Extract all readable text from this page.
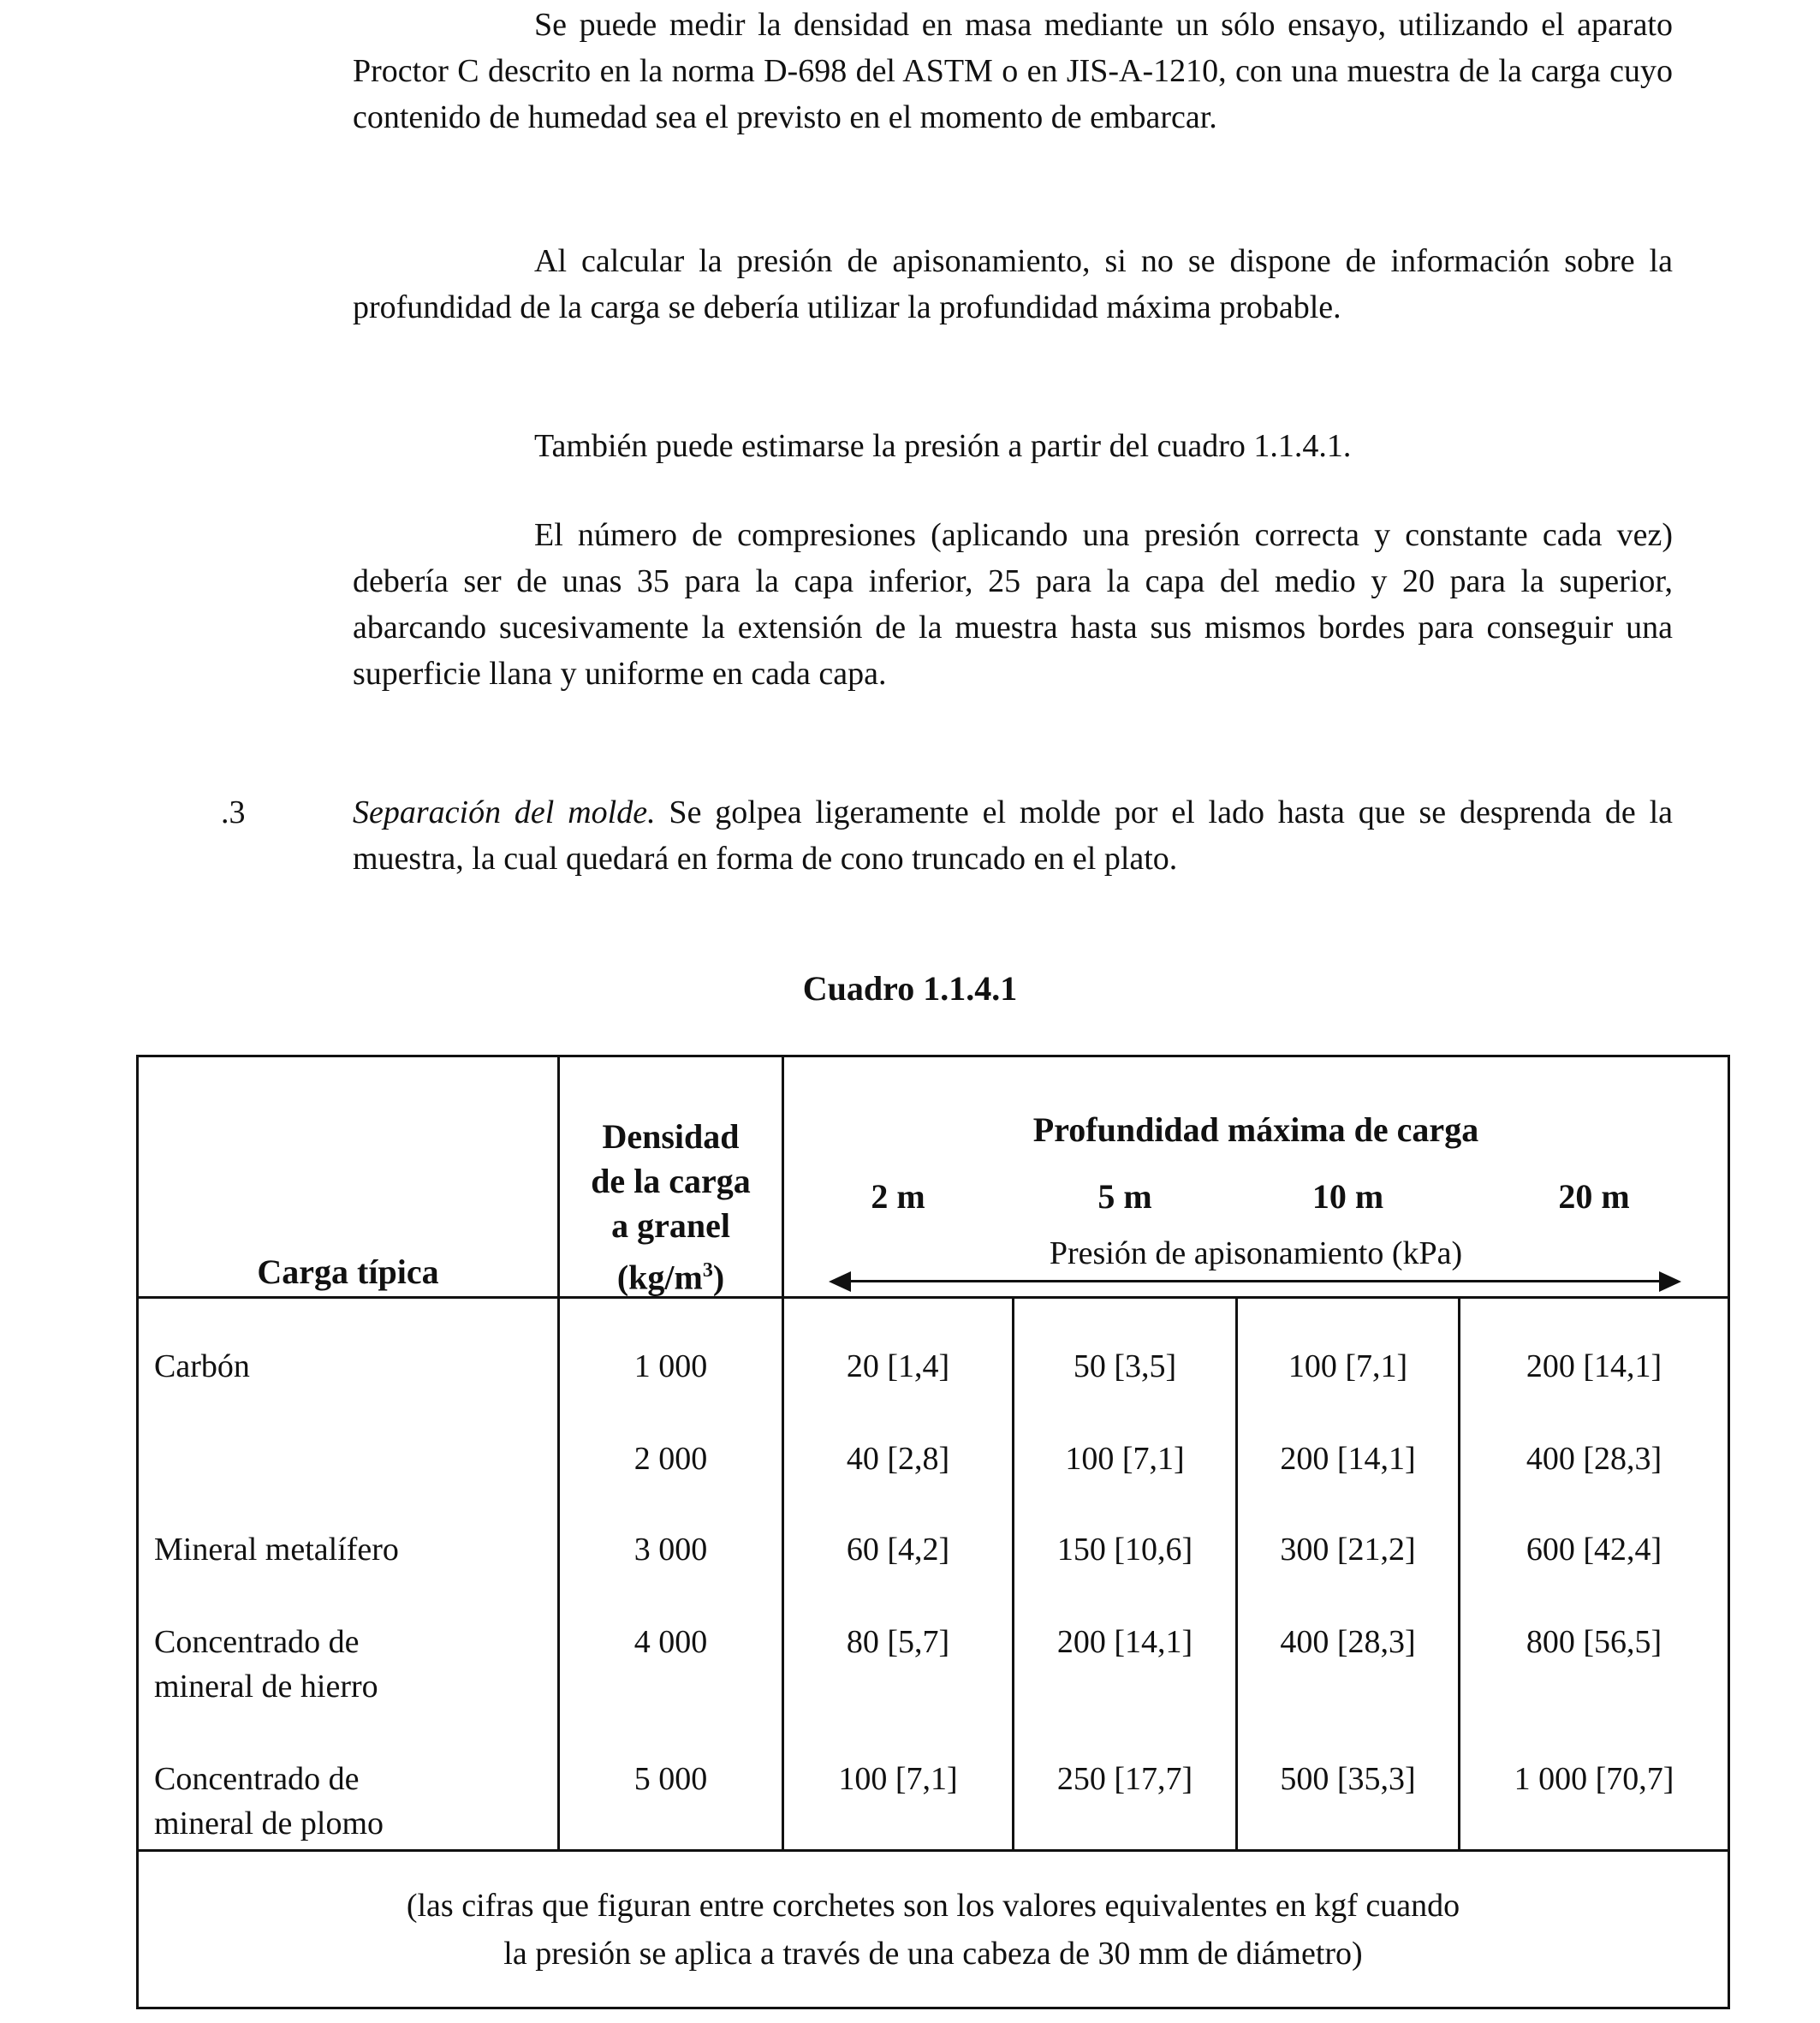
Se puede medir la densidad en masa mediante un sólo ensayo, utilizando el aparato Proctor C descrito en la norma D-698 del ASTM o en JIS-A-1210, con una muestra de la carga cuyo contenido de humedad sea el previsto en el momento de embarcar.

Al calcular la presión de apisonamiento, si no se dispone de información sobre la profundidad de la carga se debería utilizar la profundidad máxima probable.

También puede estimarse la presión a partir del cuadro 1.1.4.1.

El número de compresiones (aplicando una presión correcta y constante cada vez) debería ser de unas 35 para la capa inferior, 25 para la capa del medio y 20 para la superior, abarcando sucesivamente la extensión de la muestra hasta sus mismos bordes para conseguir una superficie llana y uniforme en cada capa.

.3	Separación del molde. Se golpea ligeramente el molde por el lado hasta que se desprenda de la muestra, la cual quedará en forma de cono truncado en el plato.

Cuadro 1.1.4.1
Carga típica
Densidad
de la carga
a granel
$(kg/m^3)$
Profundidad máxima de carga
2 m	5 m	10 m	20 m
Presión de apisonamiento (kPa)
Carbón	1 000	20 [1,4]	50 [3,5]	100 [7,1]	200 [14,1]
2 000	40 [2,8]	100 [7,1]	200 [14,1]	400 [28,3]
Mineral metalífero	3 000	60 [4,2]	150 [10,6]	300 [21,2]	600 [42,4]
Concentrado de
mineral de hierro
4 000	80 [5,7]	200 [14,1]	400 [28,3]	800 [56,5]
Concentrado de
mineral de plomo
5 000	100 [7,1]	250 [17,7]	500 [35,3]	1 000 [70,7]
(las cifras que figuran entre corchetes son los valores equivalentes en kgf cuando
la presión se aplica a través de una cabeza de 30 mm de diámetro)
